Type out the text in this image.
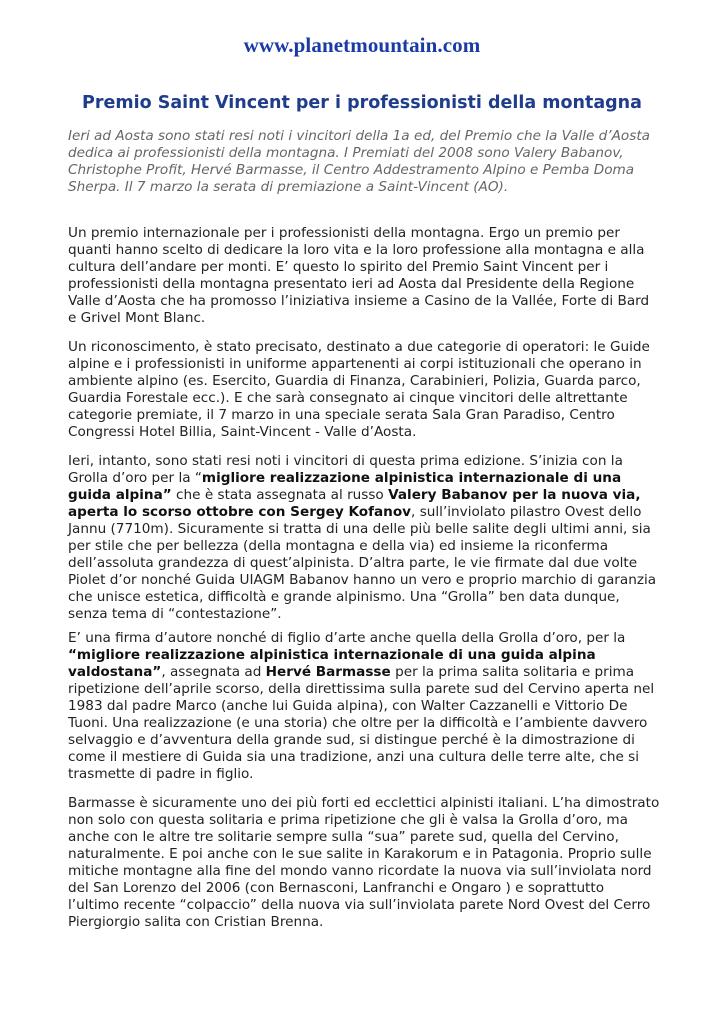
www.planetmountain.com
Premio Saint Vincent per i professionisti della montagna
Ieri ad Aosta sono stati resi noti i vincitori della 1a ed, del Premio che la Valle d’Aosta
dedica ai professionisti della montagna. I Premiati del 2008 sono Valery Babanov,
Christophe Profit, Hervé Barmasse, il Centro Addestramento Alpino e Pemba Doma
Sherpa. Il 7 marzo la serata di premiazione a Saint-Vincent (AO).
Un premio internazionale per i professionisti della montagna. Ergo un premio per
quanti hanno scelto di dedicare la loro vita e la loro professione alla montagna e alla
cultura dell’andare per monti. E’ questo lo spirito del Premio Saint Vincent per i
professionisti della montagna presentato ieri ad Aosta dal Presidente della Regione
Valle d’Aosta che ha promosso l’iniziativa insieme a Casino de la Vallée, Forte di Bard
e Grivel Mont Blanc.
Un riconoscimento, è stato precisato, destinato a due categorie di operatori: le Guide
alpine e i professionisti in uniforme appartenenti ai corpi istituzionali che operano in
ambiente alpino (es. Esercito, Guardia di Finanza, Carabinieri, Polizia, Guarda parco,
Guardia Forestale ecc.). E che sarà consegnato ai cinque vincitori delle altrettante
categorie premiate, il 7 marzo in una speciale serata Sala Gran Paradiso, Centro
Congressi Hotel Billia, Saint-Vincent - Valle d’Aosta.
Ieri, intanto, sono stati resi noti i vincitori di questa prima edizione. S’inizia con la
Grolla d’oro per la “migliore realizzazione alpinistica internazionale di una
guida alpina” che è stata assegnata al russo Valery Babanov per la nuova via,
aperta lo scorso ottobre con Sergey Kofanov, sull’inviolato pilastro Ovest dello
Jannu (7710m). Sicuramente si tratta di una delle più belle salite degli ultimi anni, sia
per stile che per bellezza (della montagna e della via) ed insieme la riconferma
dell’assoluta grandezza di quest’alpinista. D’altra parte, le vie firmate dal due volte
Piolet d’or nonché Guida UIAGM Babanov hanno un vero e proprio marchio di garanzia
che unisce estetica, difficoltà e grande alpinismo. Una “Grolla” ben data dunque,
senza tema di “contestazione”.
E’ una firma d’autore nonché di figlio d’arte anche quella della Grolla d’oro, per la
“migliore realizzazione alpinistica internazionale di una guida alpina
valdostana”, assegnata ad Hervé Barmasse per la prima salita solitaria e prima
ripetizione dell’aprile scorso, della direttissima sulla parete sud del Cervino aperta nel
1983 dal padre Marco (anche lui Guida alpina), con Walter Cazzanelli e Vittorio De
Tuoni. Una realizzazione (e una storia) che oltre per la difficoltà e l’ambiente davvero
selvaggio e d’avventura della grande sud, si distingue perché è la dimostrazione di
come il mestiere di Guida sia una tradizione, anzi una cultura delle terre alte, che si
trasmette di padre in figlio.
Barmasse è sicuramente uno dei più forti ed ecclettici alpinisti italiani. L’ha dimostrato
non solo con questa solitaria e prima ripetizione che gli è valsa la Grolla d’oro, ma
anche con le altre tre solitarie sempre sulla “sua” parete sud, quella del Cervino,
naturalmente. E poi anche con le sue salite in Karakorum e in Patagonia. Proprio sulle
mitiche montagne alla fine del mondo vanno ricordate la nuova via sull’inviolata nord
del San Lorenzo del 2006 (con Bernasconi, Lanfranchi e Ongaro ) e soprattutto
l’ultimo recente “colpaccio” della nuova via sull’inviolata parete Nord Ovest del Cerro
Piergiorgio salita con Cristian Brenna.
